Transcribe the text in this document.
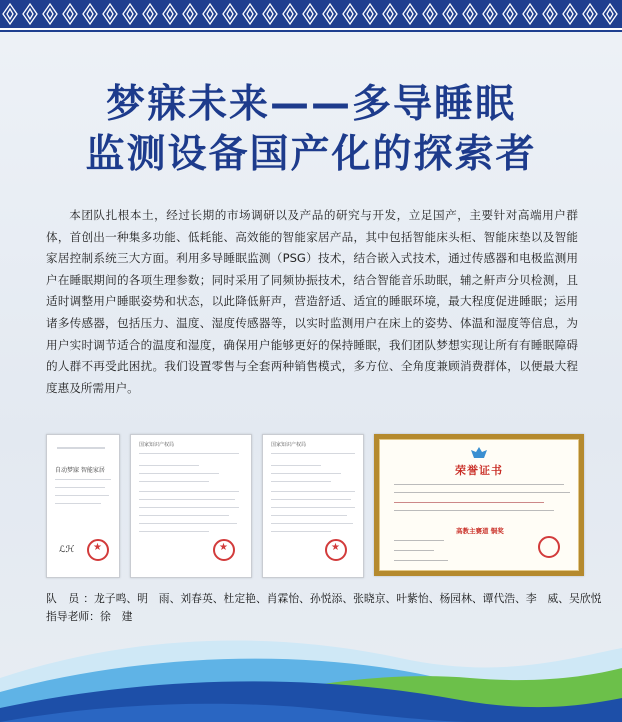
梦寐未来——多导睡眠
监测设备国产化的探索者

本团队扎根本土，经过长期的市场调研以及产品的研究与开发，立足国产，主要针对高端用户群体，首创出一种集多功能、低耗能、高效能的智能家居产品，其中包括智能床头柜、智能床垫以及智能家居控制系统三大方面。利用多导睡眠监测（PSG）技术，结合嵌入式技术，通过传感器和电极监测用户在睡眠期间的各项生理参数；同时采用了同频协振技术，结合智能音乐助眠，辅之鼾声分贝检测，且适时调整用户睡眠姿势和状态，以此降低鼾声，营造舒适、适宜的睡眠环境，最大程度促进睡眠；运用诸多传感器，包括压力、温度、湿度传感器等，以实时监测用户在床上的姿势、体温和湿度等信息，为用户实时调节适合的温度和湿度，确保用户能够更好的保持睡眠，我们团队梦想实现让所有有睡眠障碍的人群不再受此困扰。我们设置零售与全套两种销售模式，多方位、全角度兼顾消费群体，以便最大程度惠及所需用户。

自动梦寐 智能家居
ℒℋ
★
国家知识产权局
★	国家知识产权局
★
荣誉证书
高教主赛道 铜奖
队 员：龙子鸣、明　雨、刘春英、杜定艳、肖霖怡、孙悦添、张晓京、叶紫怡、杨园林、谭代浩、李　威、吴欣悦
指导老师：徐　建
